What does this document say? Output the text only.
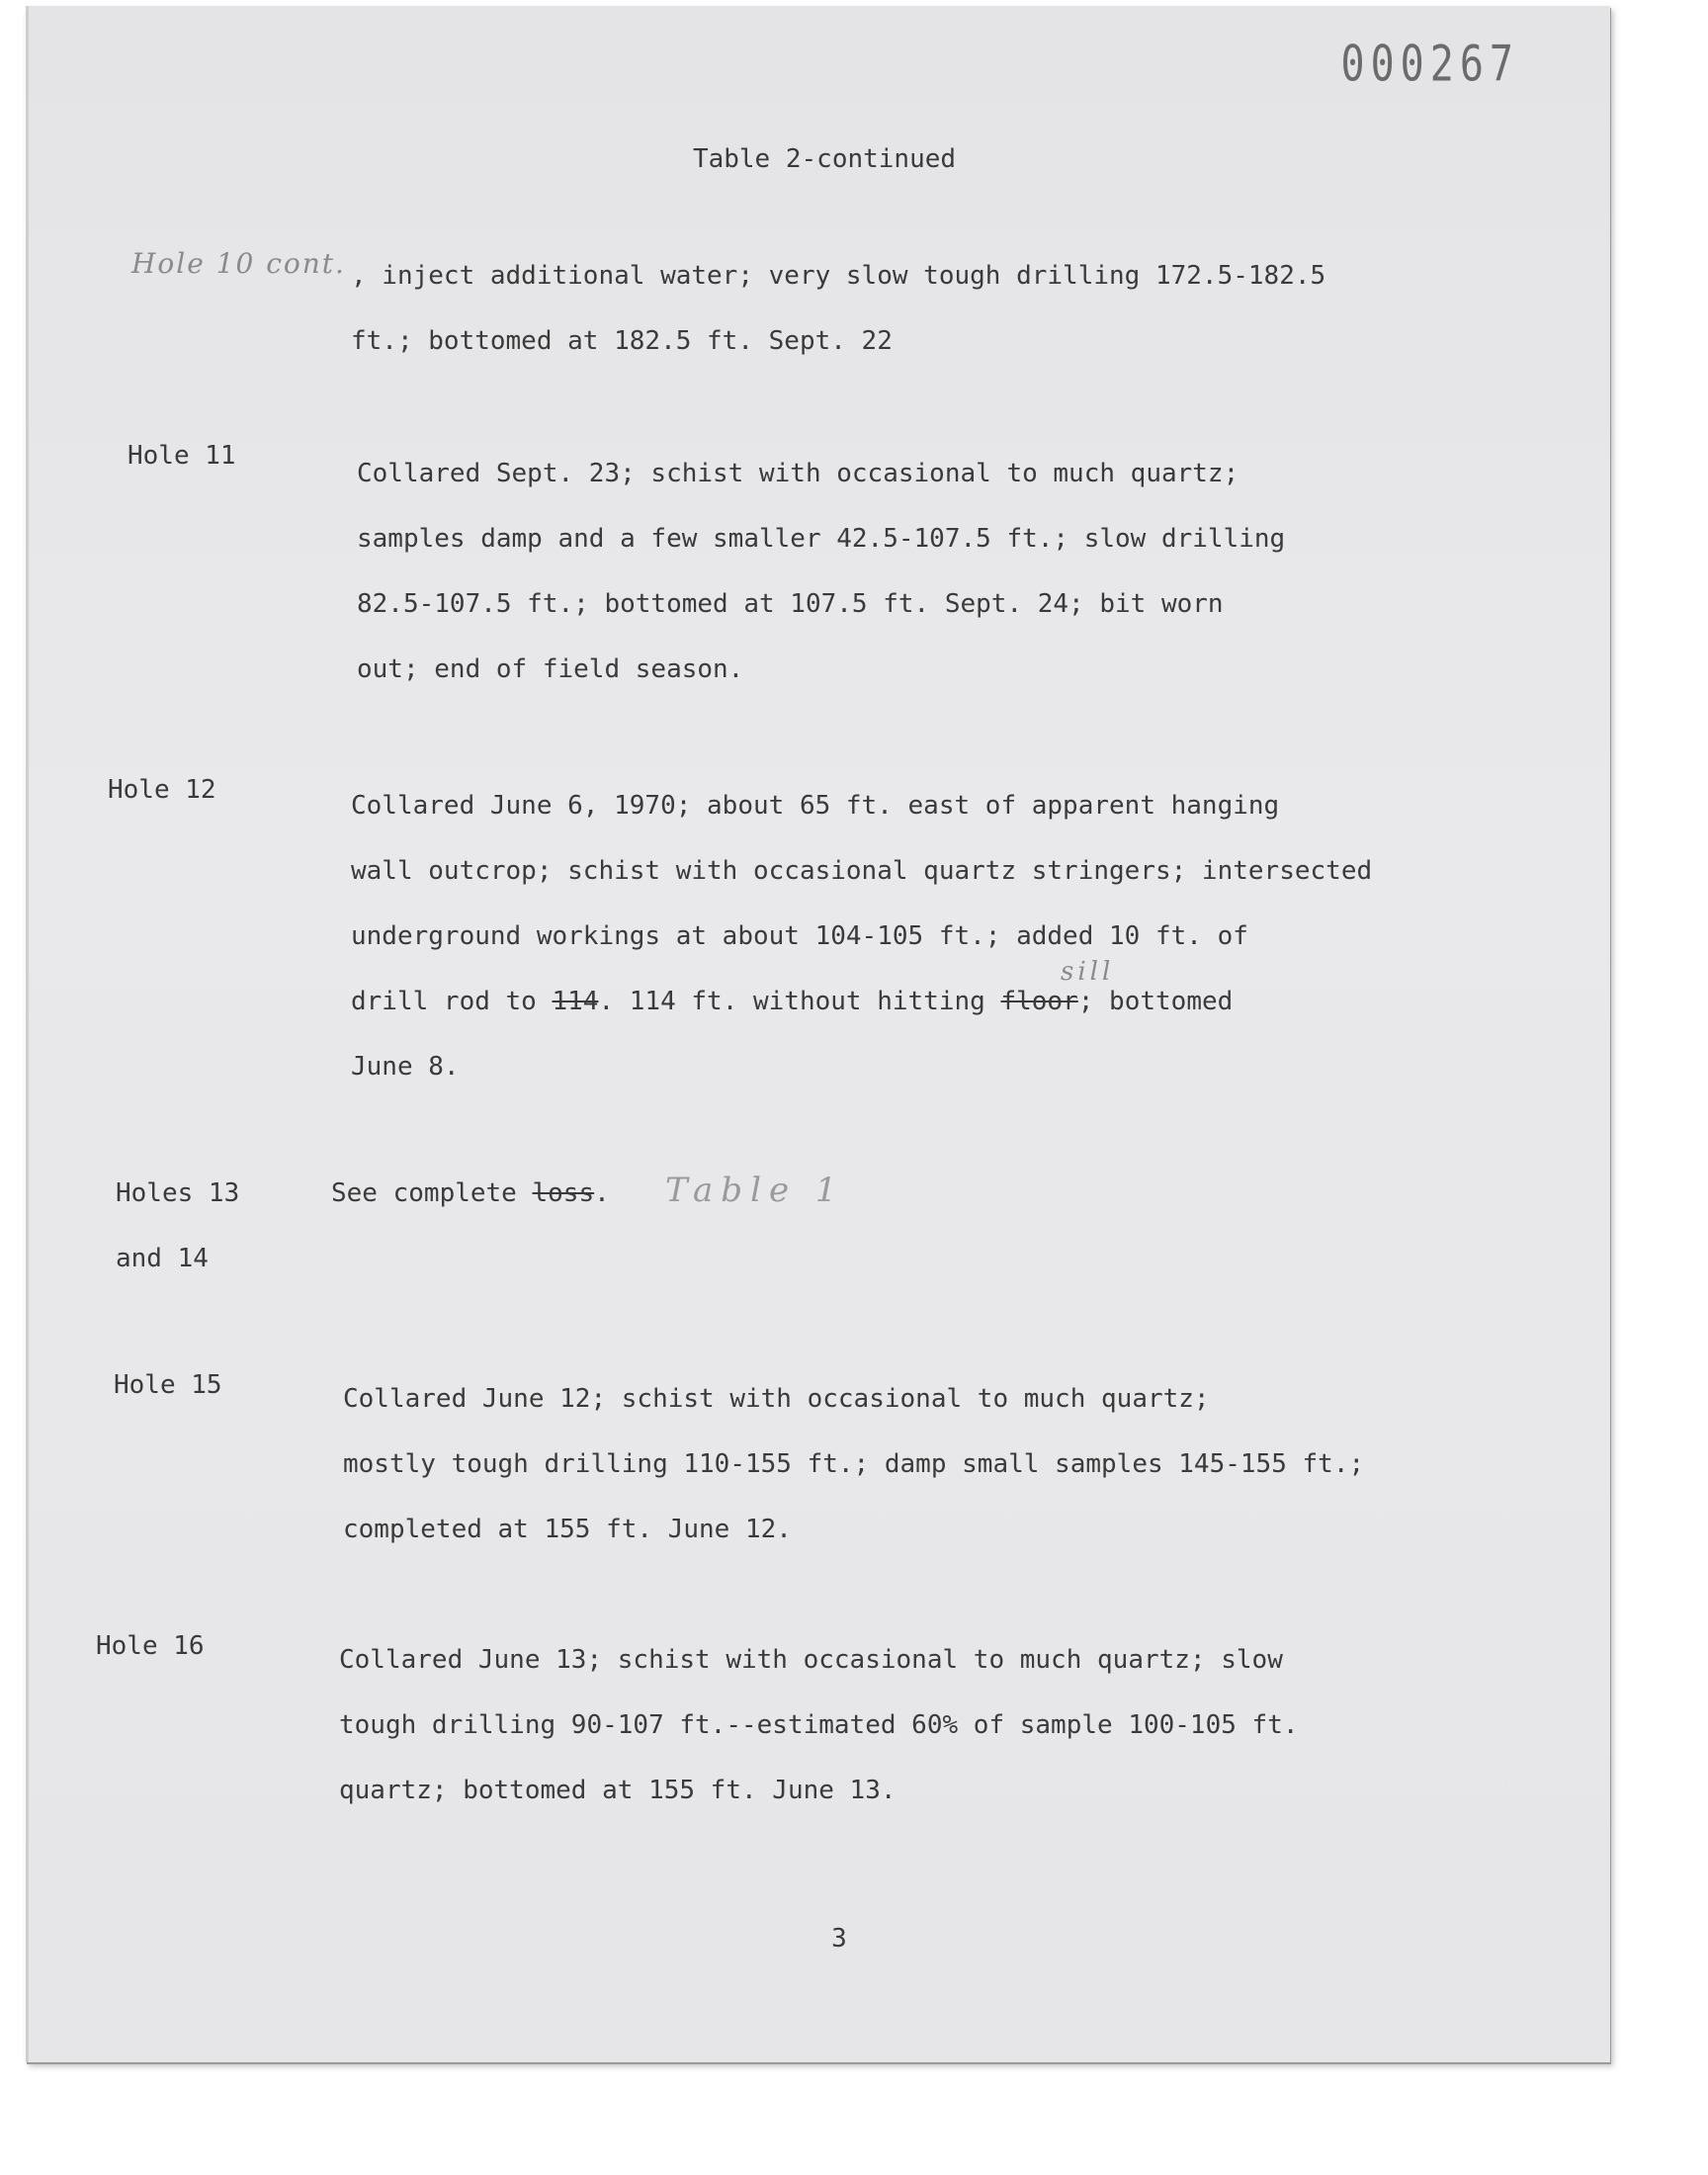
000267
Table 2-continued
Hole 10 cont. , inject additional water; very slow tough drilling 172.5-182.5
ft.; bottomed at 182.5 ft. Sept. 22
Hole 11
Collared Sept. 23; schist with occasional to much quartz;
samples damp and a few smaller 42.5-107.5 ft.; slow drilling
82.5-107.5 ft.; bottomed at 107.5 ft. Sept. 24; bit worn
out; end of field season.
Hole 12
Collared June 6, 1970; about 65 ft. east of apparent hanging
wall outcrop; schist with occasional quartz stringers; intersected
underground workings at about 104-105 ft.; added 10 ft. of
drill rod to 114. 114 ft. without hitting floor; bottomed
June 8.
sill
Holes 13
and 14
See complete loss. Table 1
Hole 15	Collared June 12; schist with occasional to much quartz;
mostly tough drilling 110-155 ft.; damp small samples 145-155 ft.;
completed at 155 ft. June 12.
Hole 16	Collared June 13; schist with occasional to much quartz; slow
tough drilling 90-107 ft.--estimated 60% of sample 100-105 ft.
quartz; bottomed at 155 ft. June 13.
3
